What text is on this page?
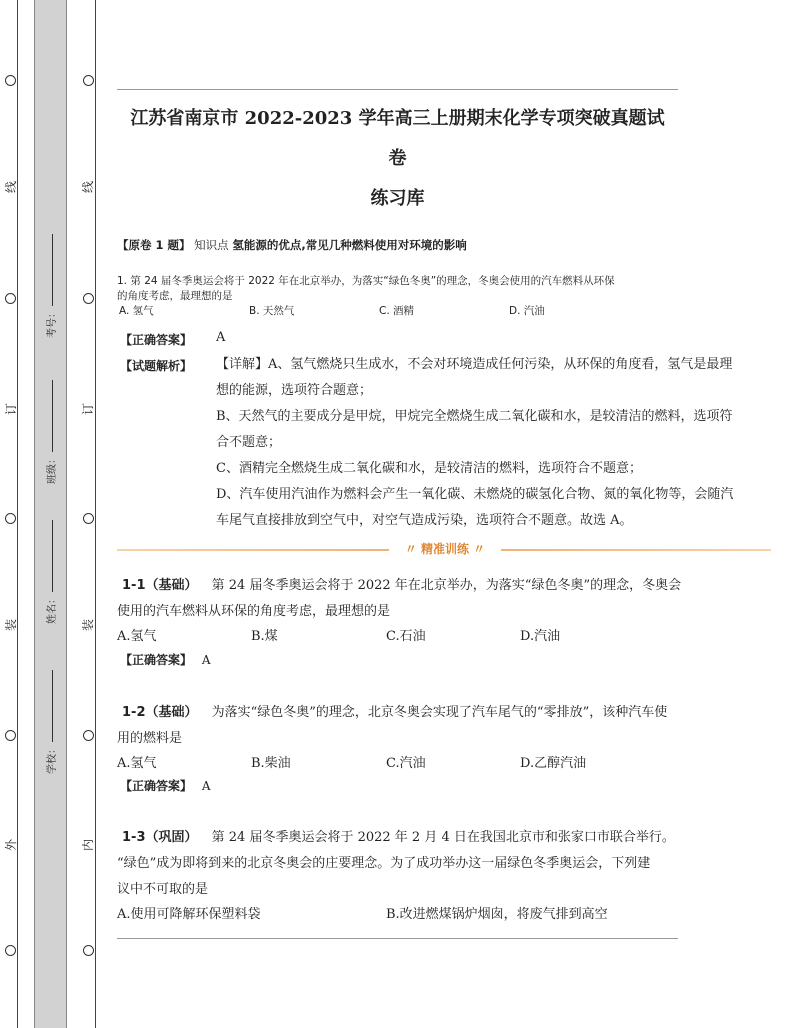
线
订
装
外
线
订
装
内
考号：
班级：
姓名：
学校：
江苏省南京市 2022-2023 学年高三上册期末化学专项突破真题试
卷
练习库
【原卷 1 题】 知识点 氢能源的优点,常见几种燃料使用对环境的影响
1. 第 24 届冬季奥运会将于 2022 年在北京举办，为落实“绿色冬奥”的理念，冬奥会使用的汽车燃料从环保
的角度考虑，最理想的是
A. 氢气	B. 天然气	C. 酒精	D. 汽油
【正确答案】 A
【试题解析】 【详解】A、氢气燃烧只生成水，不会对环境造成任何污染，从环保的角度看，氢气是最理

想的能源，选项符合题意；

B、天然气的主要成分是甲烷，甲烷完全燃烧生成二氧化碳和水，是较清洁的燃料，选项符

合不题意；

C、酒精完全燃烧生成二氧化碳和水，是较清洁的燃料，选项符合不题意；

D、汽车使用汽油作为燃料会产生一氧化碳、未燃烧的碳氢化合物、氮的氧化物等，会随汽

车尾气直接排放到空气中，对空气造成污染，选项符合不题意。故选 A。

〃 精准训练 〃
1-1（基础） 第 24 届冬季奥运会将于 2022 年在北京举办，为落实“绿色冬奥”的理念，冬奥会
使用的汽车燃料从环保的角度考虑，最理想的是
A.氢气	B.煤	C.石油	D.汽油
【正确答案】 A
1-2（基础） 为落实“绿色冬奥”的理念，北京冬奥会实现了汽车尾气的“零排放”，该种汽车使
用的燃料是
A.氢气	B.柴油	C.汽油	D.乙醇汽油
【正确答案】 A
1-3（巩固） 第 24 届冬季奥运会将于 2022 年 2 月 4 日在我国北京市和张家口市联合举行。
“绿色”成为即将到来的北京冬奥会的庄要理念。为了成功举办这一届绿色冬季奥运会，下列建
议中不可取的是
A.使用可降解环保塑料袋	B.改进燃煤锅炉烟囱，将废气排到高空
